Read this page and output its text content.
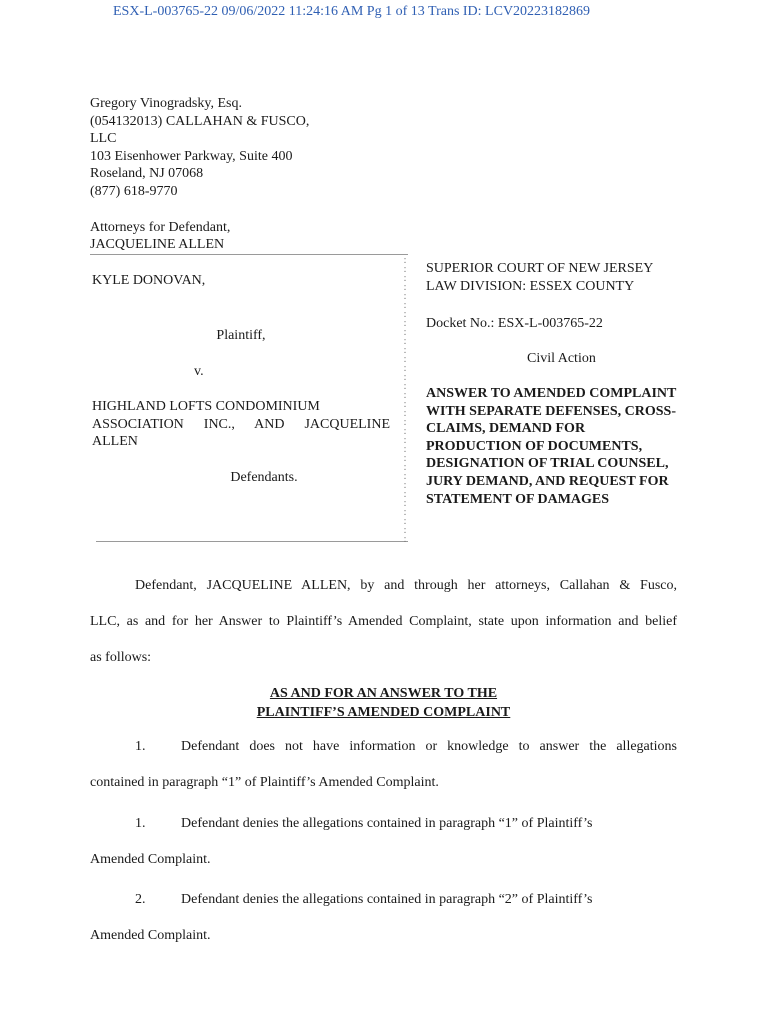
ESX-L-003765-22 09/06/2022 11:24:16 AM Pg 1 of 13 Trans ID: LCV20223182869
Gregory Vinogradsky, Esq.
(054132013) CALLAHAN & FUSCO,
LLC
103 Eisenhower Parkway, Suite 400
Roseland, NJ 07068
(877) 618-9770
Attorneys for Defendant,
JACQUELINE ALLEN
:
:
:
:
:
:
:
:
:
:
:
:
:
:
:
:
:
:
:
:
:
:
:
:
:
:
:
:
:
:
:
:

KYLE DONOVAN,
Plaintiff,
v.
HIGHLAND LOFTS CONDOMINIUM
ASSOCIATION INC., AND JACQUELINE
ALLEN
Defendants.
SUPERIOR COURT OF NEW JERSEY
LAW DIVISION: ESSEX COUNTY
Docket No.: ESX-L-003765-22
Civil Action
ANSWER TO AMENDED COMPLAINT
WITH SEPARATE DEFENSES, CROSS-
CLAIMS, DEMAND FOR
PRODUCTION OF DOCUMENTS,
DESIGNATION OF TRIAL COUNSEL,
JURY DEMAND, AND REQUEST FOR
STATEMENT OF DAMAGES
Defendant, JACQUELINE ALLEN, by and through her attorneys, Callahan & Fusco,
LLC, as and for her Answer to Plaintiff’s Amended Complaint, state upon information and belief
as follows:
AS AND FOR AN ANSWER TO THE
PLAINTIFF’S AMENDED COMPLAINT
1.	Defendant does not have information or knowledge to answer the allegations
contained in paragraph “1” of Plaintiff’s Amended Complaint.
1.	Defendant denies the allegations contained in paragraph “1” of Plaintiff’s
Amended Complaint.
2.	Defendant denies the allegations contained in paragraph “2” of Plaintiff’s
Amended Complaint.
